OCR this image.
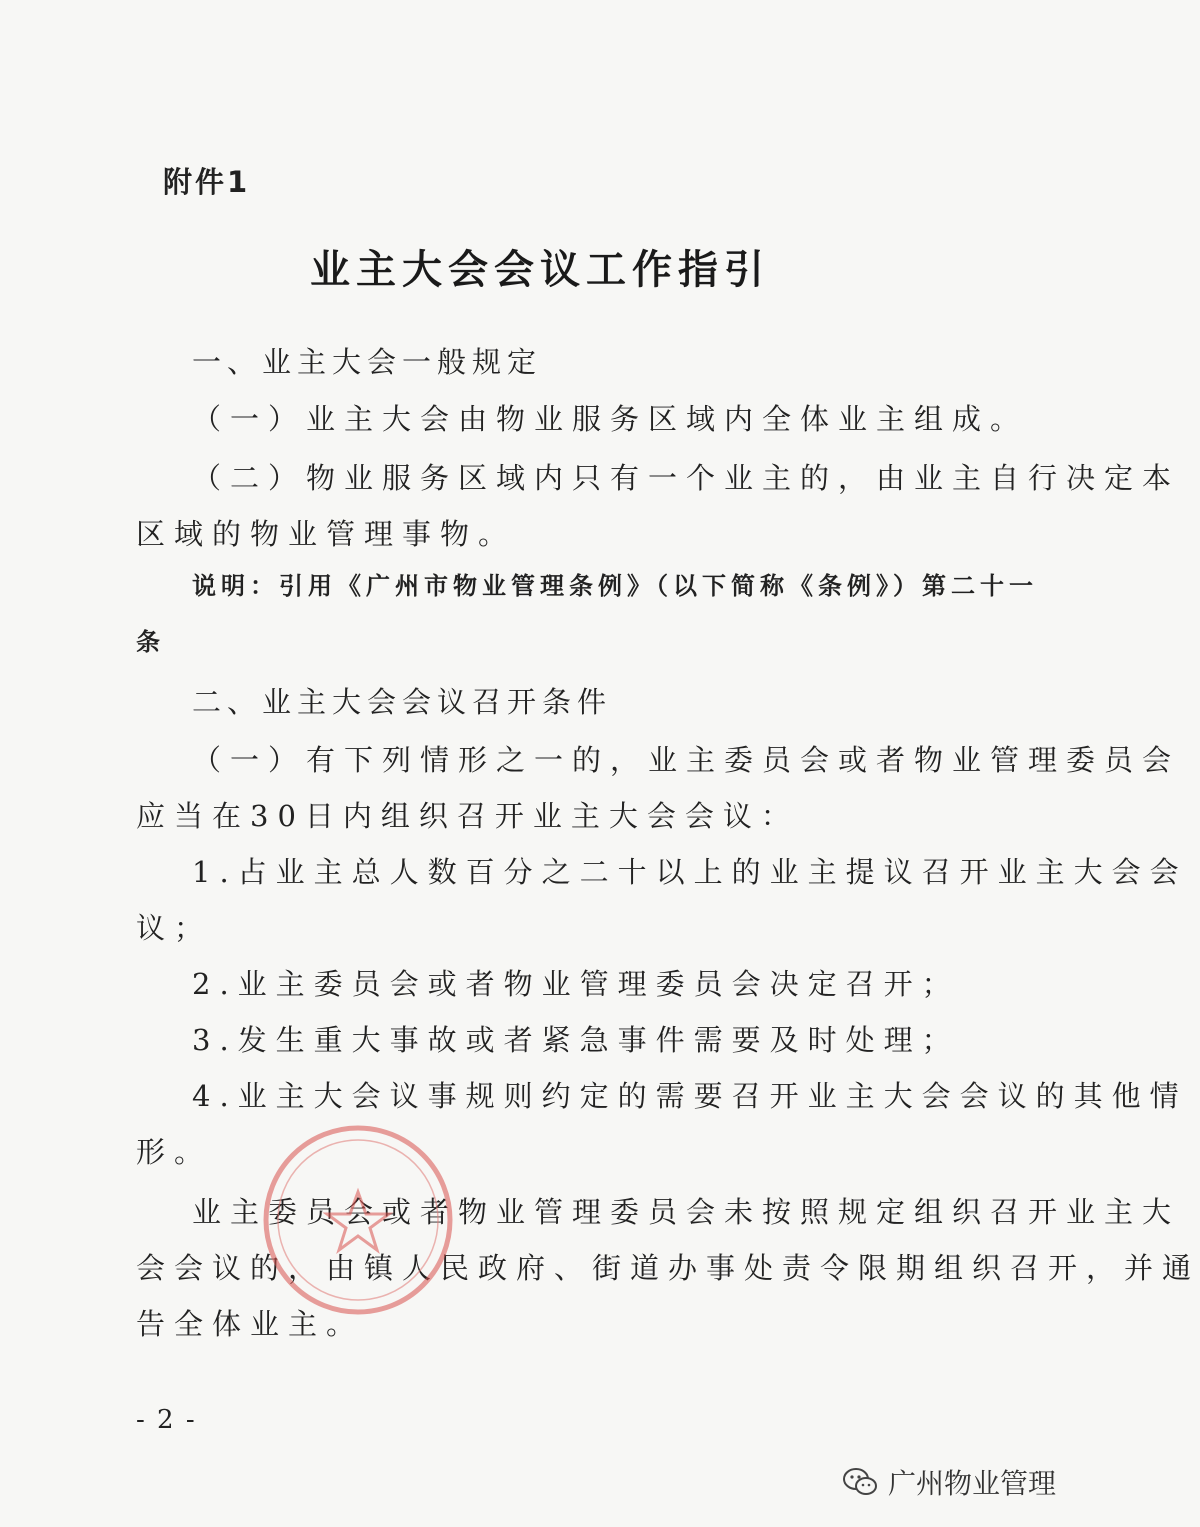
附件1
业主大会会议工作指引
一、业主大会一般规定
（一）业主大会由物业服务区域内全体业主组成。
（二）物业服务区域内只有一个业主的，由业主自行决定本
区域的物业管理事物。
说明：引用《广州市物业管理条例》（以下简称《条例》）第二十一
条
二、业主大会会议召开条件
（一）有下列情形之一的，业主委员会或者物业管理委员会
应当在30日内组织召开业主大会会议：
1.占业主总人数百分之二十以上的业主提议召开业主大会会
议；
2.业主委员会或者物业管理委员会决定召开；
3.发生重大事故或者紧急事件需要及时处理；
4.业主大会议事规则约定的需要召开业主大会会议的其他情
形。
业主委员会或者物业管理委员会未按照规定组织召开业主大
会会议的，由镇人民政府、街道办事处责令限期组织召开，并通
告全体业主。
- 2 -
广州物业管理
